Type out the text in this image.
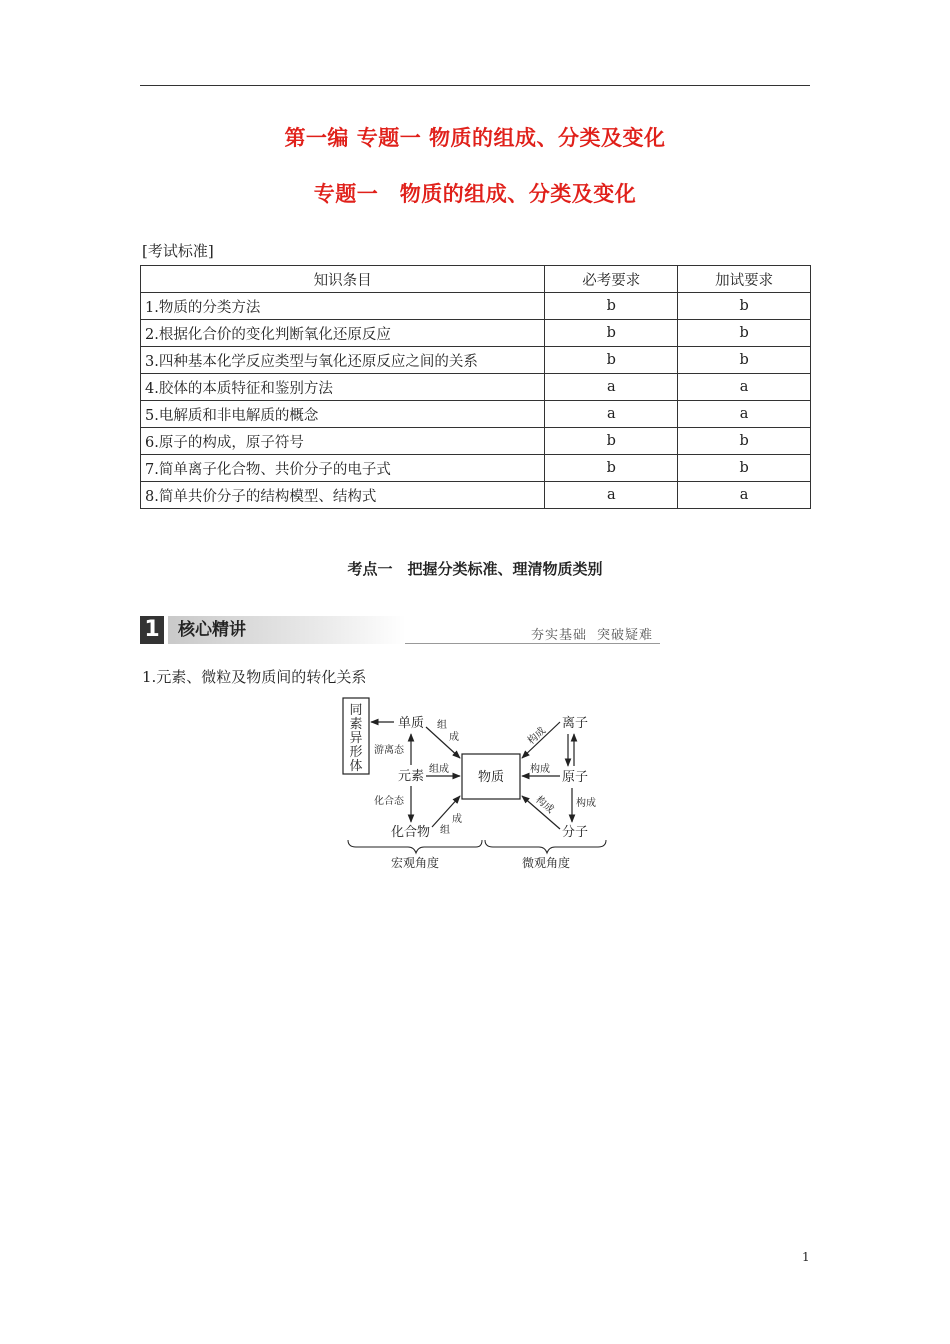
第一编 专题一 物质的组成、分类及变化
专题一　物质的组成、分类及变化
[考试标准]
知识条目	必考要求	加试要求
1.物质的分类方法	b	b
2.根据化合价的变化判断氧化还原反应	b	b
3.四种基本化学反应类型与氧化还原反应之间的关系	b	b
4.胶体的本质特征和鉴别方法	a	a
5.电解质和非电解质的概念	a	a
6.原子的构成，原子符号	b	b
7.简单离子化合物、共价分子的电子式	b	b
8.简单共价分子的结构模型、结构式	a	a
考点一　把握分类标准、理清物质类别
1	核心精讲	夯实基础 突破疑难
1.元素、微粒及物质间的转化关系
同
素
异
形
体
物质
单质
元素
化合物
离子
原子
分子
游离态
化合态
组
成
组成
成
组
构成
构成
构成 构成
宏观角度	微观角度
1
